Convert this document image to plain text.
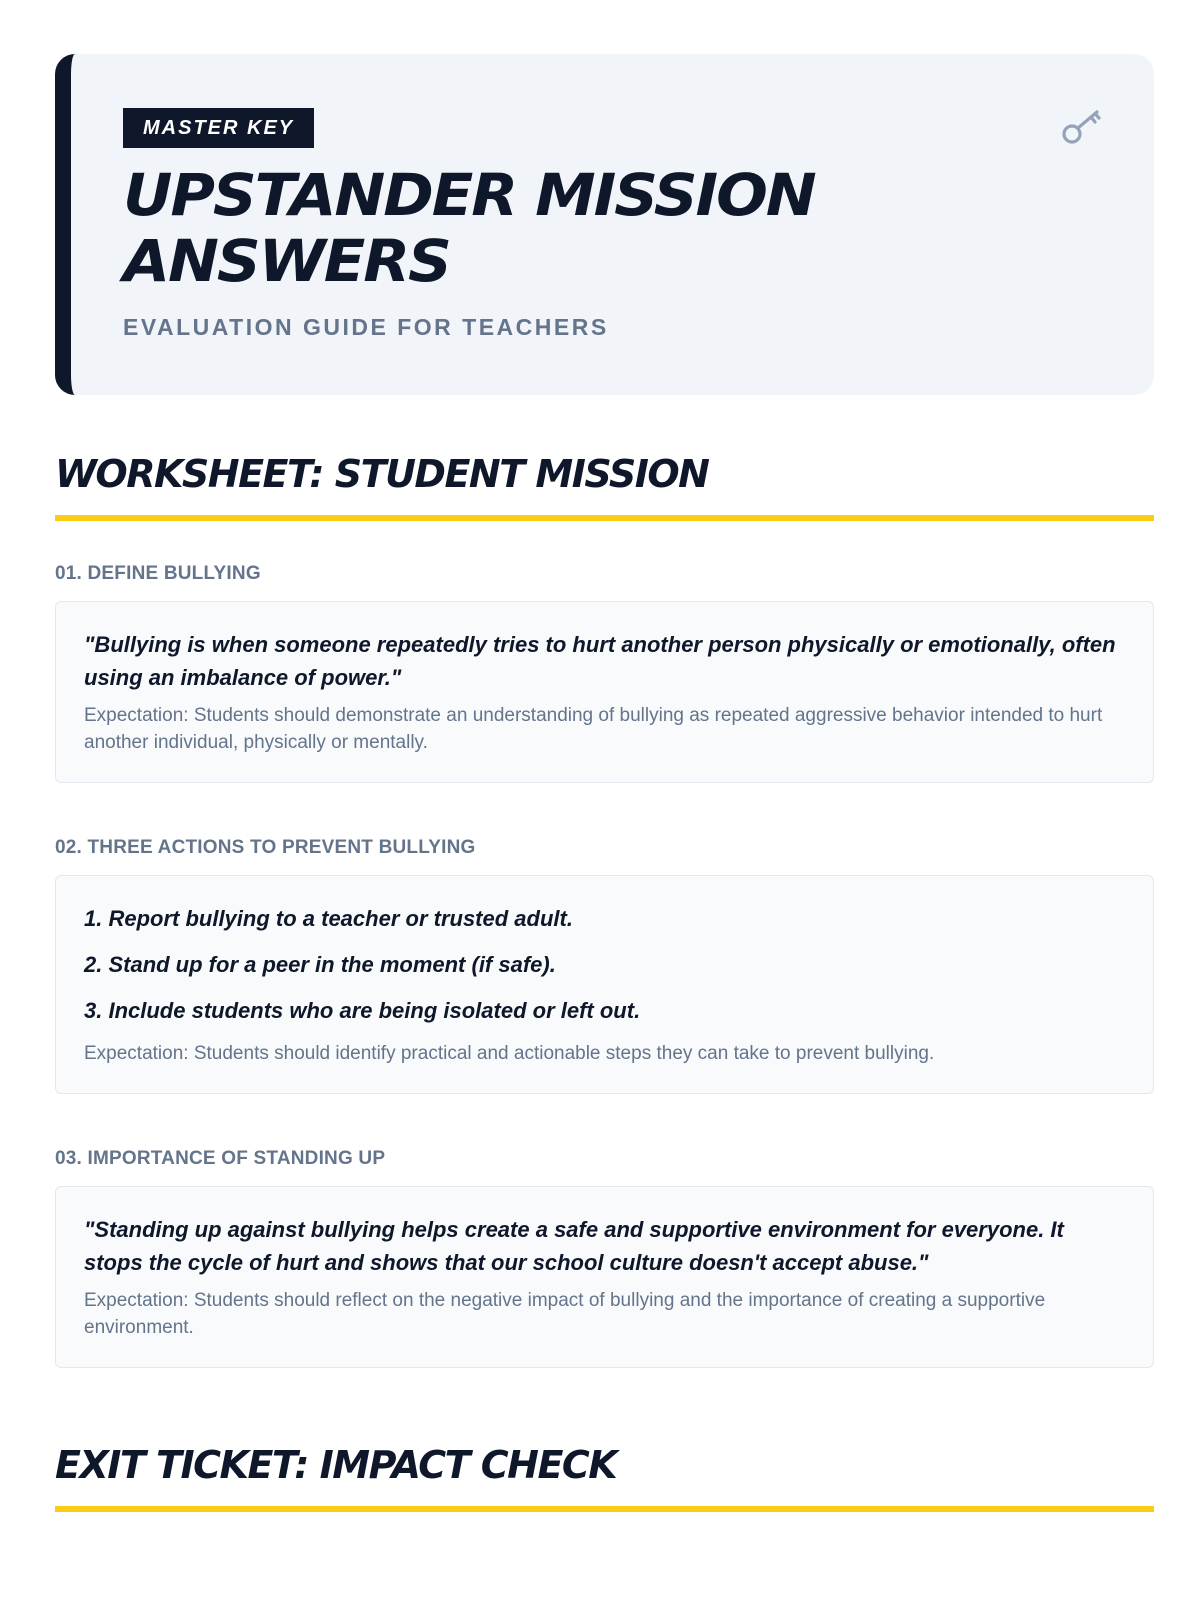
MASTER KEY
UPSTANDER MISSION ANSWERS
EVALUATION GUIDE FOR TEACHERS
WORKSHEET: STUDENT MISSION
01. DEFINE BULLYING
"Bullying is when someone repeatedly tries to hurt another person physically or emotionally, often using an imbalance of power."
Expectation: Students should demonstrate an understanding of bullying as repeated aggressive behavior intended to hurt another individual, physically or mentally.
02. THREE ACTIONS TO PREVENT BULLYING
1. Report bullying to a teacher or trusted adult.
2. Stand up for a peer in the moment (if safe).
3. Include students who are being isolated or left out.
Expectation: Students should identify practical and actionable steps they can take to prevent bullying.
03. IMPORTANCE OF STANDING UP
"Standing up against bullying helps create a safe and supportive environment for everyone. It stops the cycle of hurt and shows that our school culture doesn't accept abuse."
Expectation: Students should reflect on the negative impact of bullying and the importance of creating a supportive environment.
EXIT TICKET: IMPACT CHECK
